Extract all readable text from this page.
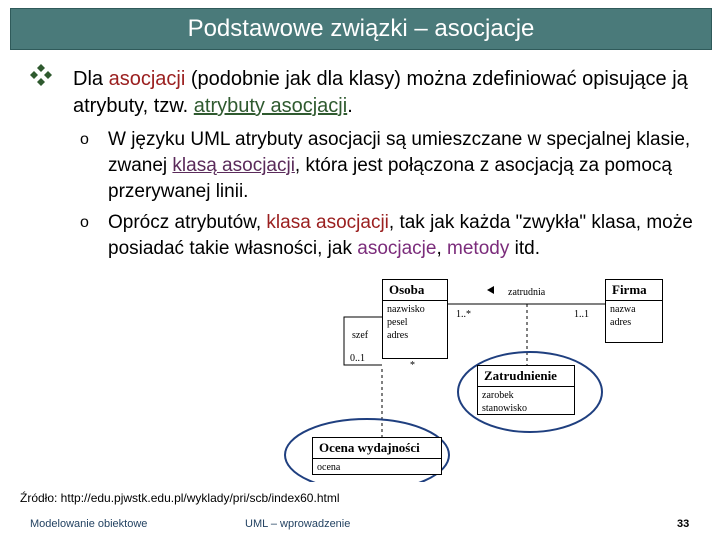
Podstawowe związki – asocjacje
Dla asocjacji (podobnie jak dla klasy) można zdefiniować opisujące ją atrybuty, tzw. atrybuty asocjacji.
o W języku UML atrybuty asocjacji są umieszczane w specjalnej klasie, zwanej klasą asocjacji, która jest połączona z asocjacją za pomocą przerywanej linii.
o Oprócz atrybutów, klasa asocjacji, tak jak każda "zwykła" klasa, może posiadać takie własności, jak asocjacje, metody itd.
Osoba
nazwisko
pesel
adres
Firma
nazwa
adres
Zatrudnienie
zarobek
stanowisko
Ocena wydajności
ocena
zatrudnia
1..*	1..1
szef
0..1
*
Źródło: http://edu.pjwstk.edu.pl/wyklady/pri/scb/index60.html
Modelowanie obiektowe	UML – wprowadzenie	33
